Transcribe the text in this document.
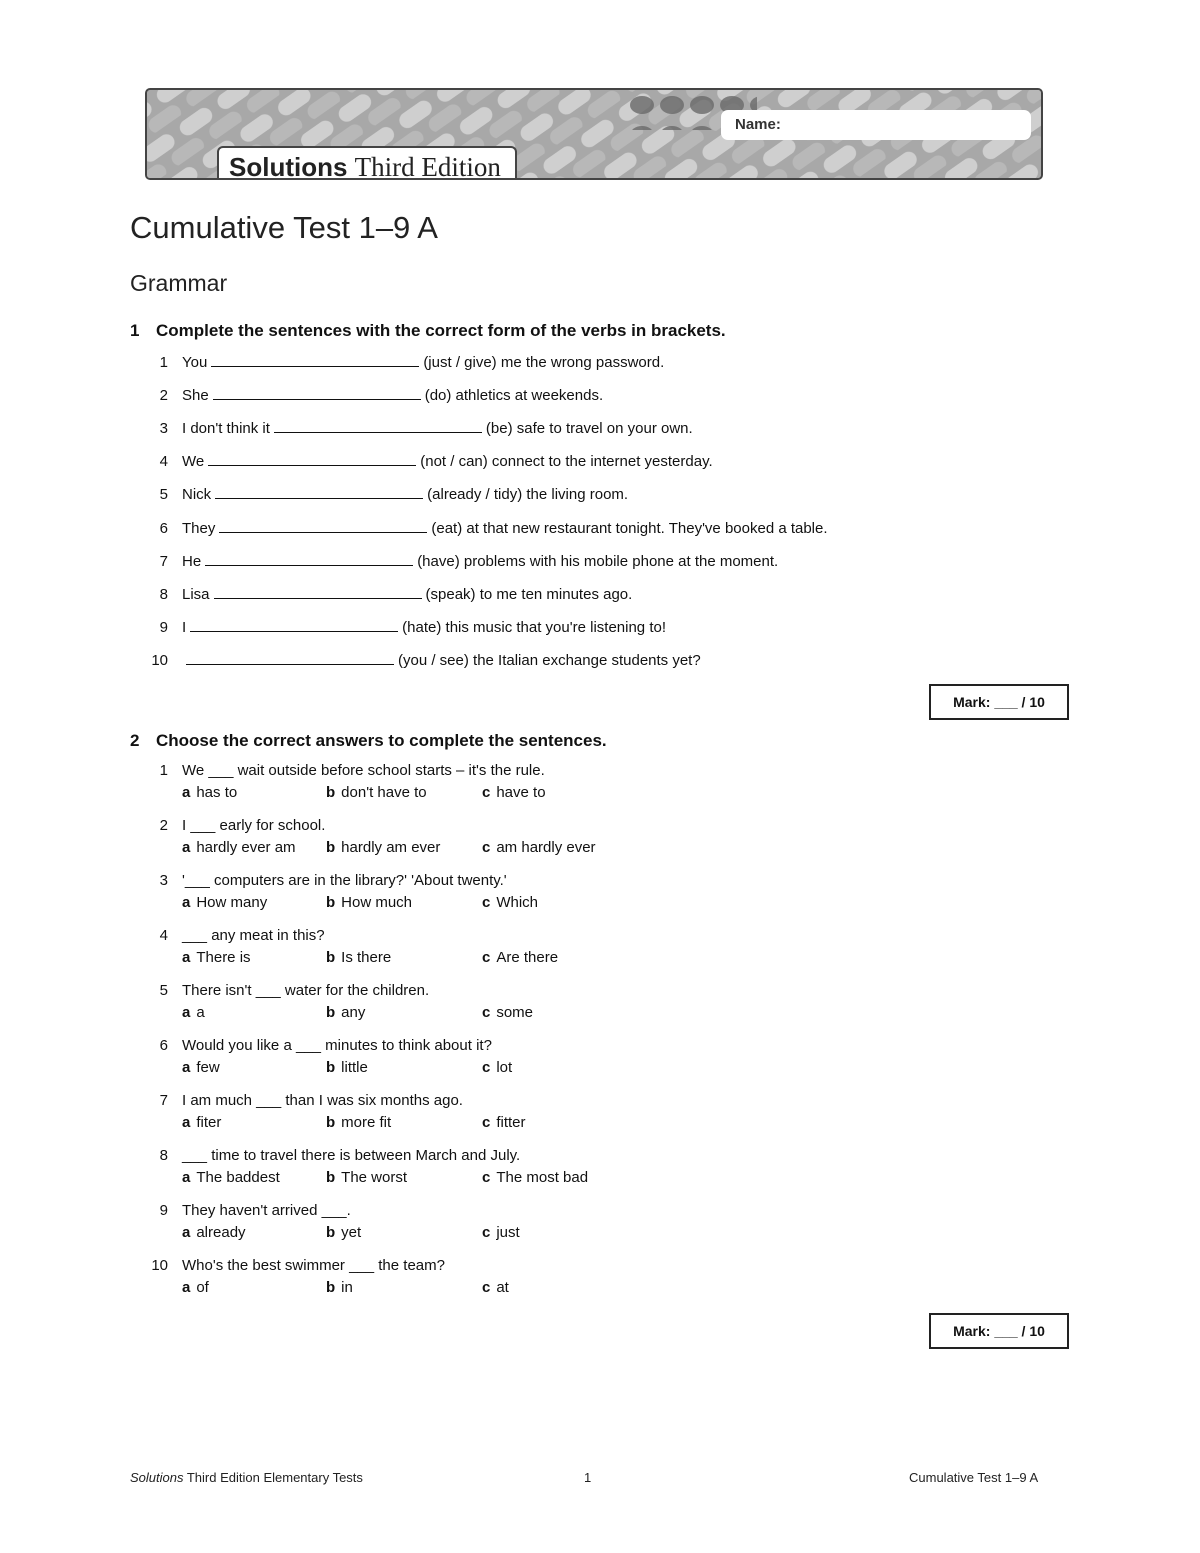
Name:
Solutions Third Edition
Cumulative Test 1–9 A
Grammar
1 Complete the sentences with the correct form of the verbs in brackets.
1 You	(just / give) me the wrong password.
2 She	(do) athletics at weekends.
3 I don't think it	(be) safe to travel on your own.
4 We	(not / can) connect to the internet yesterday.
5 Nick	(already / tidy) the living room.
6 They	(eat) at that new restaurant tonight. They've booked a table.
7 He	(have) problems with his mobile phone at the moment.
8 Lisa	(speak) to me ten minutes ago.
9 I	(hate) this music that you're listening to!
10	(you / see) the Italian exchange students yet?
Mark: ___ / 10
2 Choose the correct answers to complete the sentences.
1 We ___ wait outside before school starts – it's the rule.
a has to	b don't have to	c have to
2 I ___ early for school.
a hardly ever am b hardly am ever	c am hardly ever
3 '___ computers are in the library?' 'About twenty.'
a How many	b How much	c Which
4 ___ any meat in this?
a There is	b Is there	c Are there
5 There isn't ___ water for the children.
a a	b any	c some
6 Would you like a ___ minutes to think about it?
a few	b little	c lot
7 I am much ___ than I was six months ago.
a fiter	b more fit	c fitter
8 ___ time to travel there is between March and July.
a The baddest	b The worst	c The most bad
9 They haven't arrived ___.
a already	b yet	c just
10 Who's the best swimmer ___ the team?
a of	b in	c at
Mark: ___ / 10
Solutions Third Edition Elementary Tests	1	Cumulative Test 1–9 A
